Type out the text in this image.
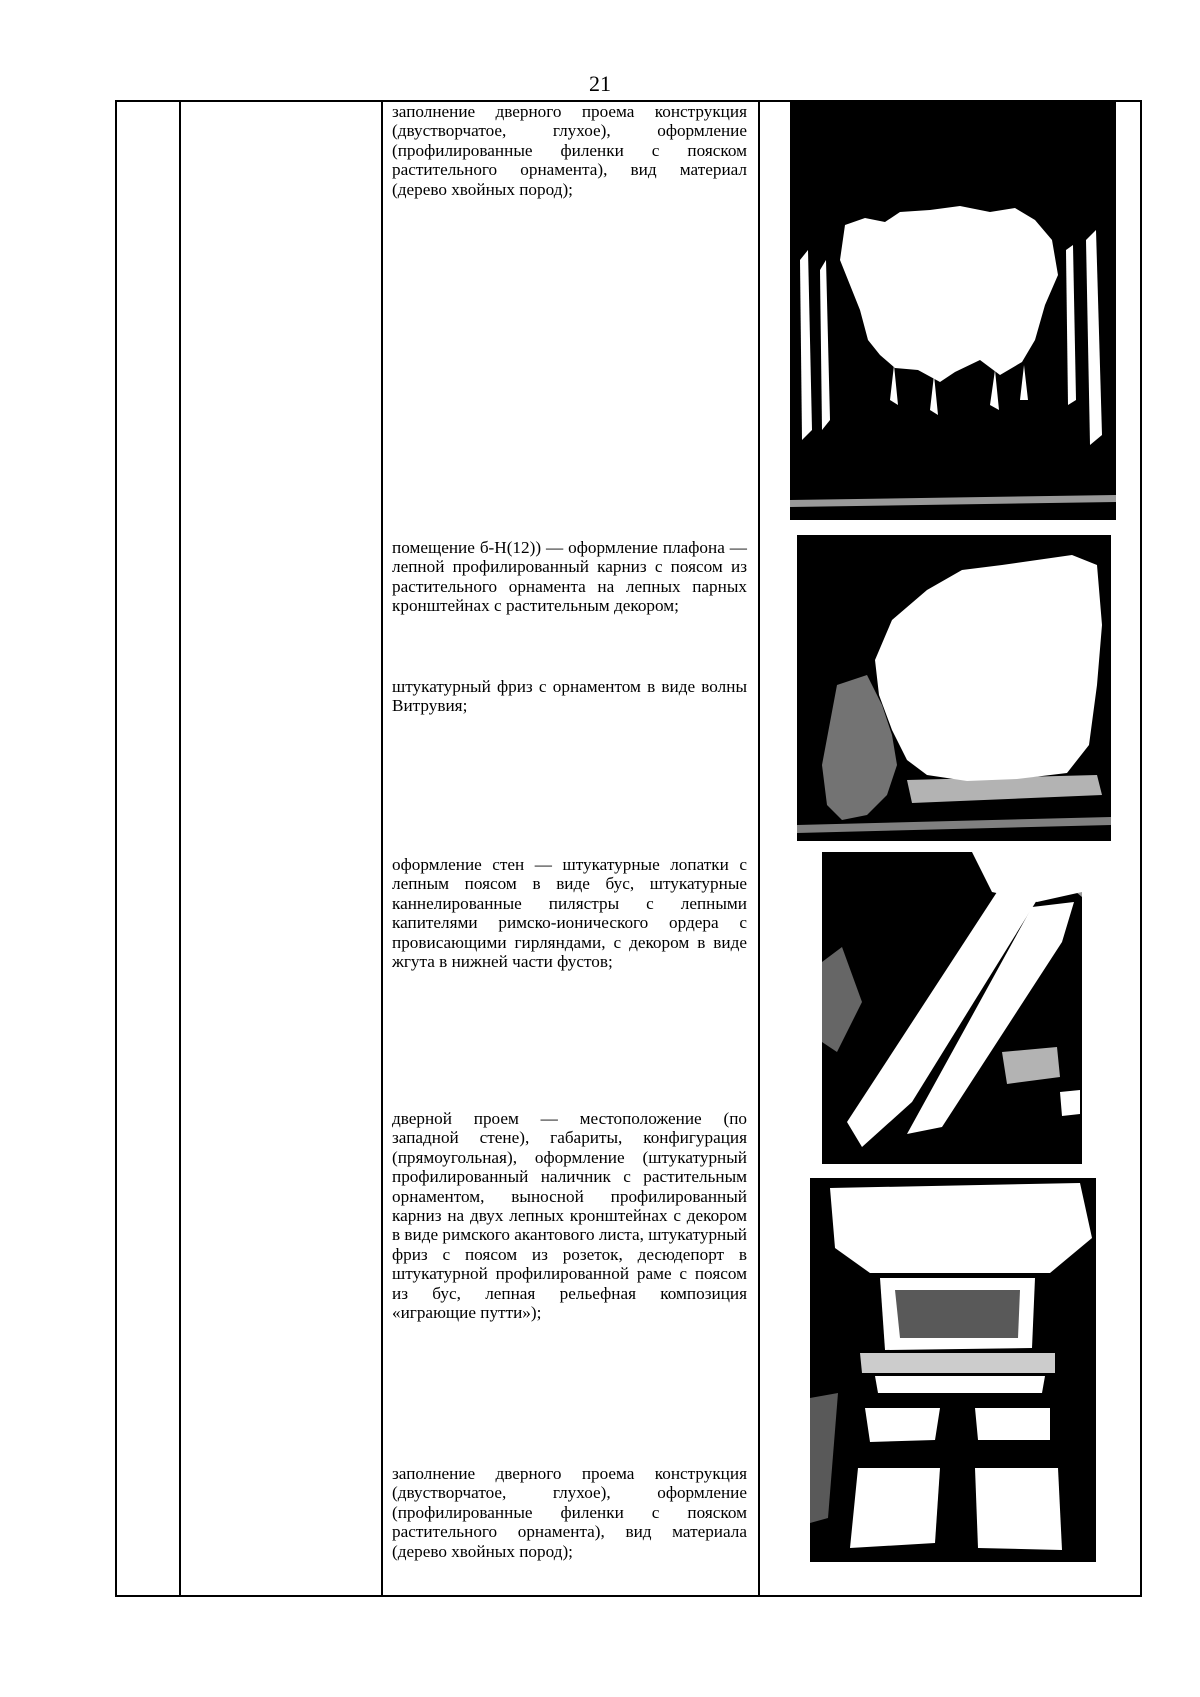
21

заполнение дверного проема конструкция (двустворчатое, глухое), оформление (профилированные филенки с пояском растительного орнамента), вид материал (дерево хвойных пород);

помещение б-Н(12)) — оформление плафона — лепной профилированный карниз с поясом из растительного орнамента на лепных парных кронштейнах с растительным декором;

штукатурный фриз с орнаментом в виде волны Витрувия;

оформление стен — штукатурные лопатки с лепным поясом в виде бус, штукатурные каннелированные пилястры с лепными капителями римско-ионического ордера с провисающими гирляндами, с декором в виде жгута в нижней части фустов;

дверной проем — местоположение (по западной стене), габариты, конфигурация (прямоугольная), оформление (штукатурный профилированный наличник с растительным орнаментом, выносной профилированный карниз на двух лепных кронштейнах с декором в виде римского акантового листа, штукатурный фриз с поясом из розеток, десюдепорт в штукатурной профилированной раме с поясом из бус, лепная рельефная композиция «играющие путти»);

заполнение дверного проема конструкция (двустворчатое, глухое), оформление (профилированные филенки с пояском растительного орнамента), вид материала (дерево хвойных пород);
